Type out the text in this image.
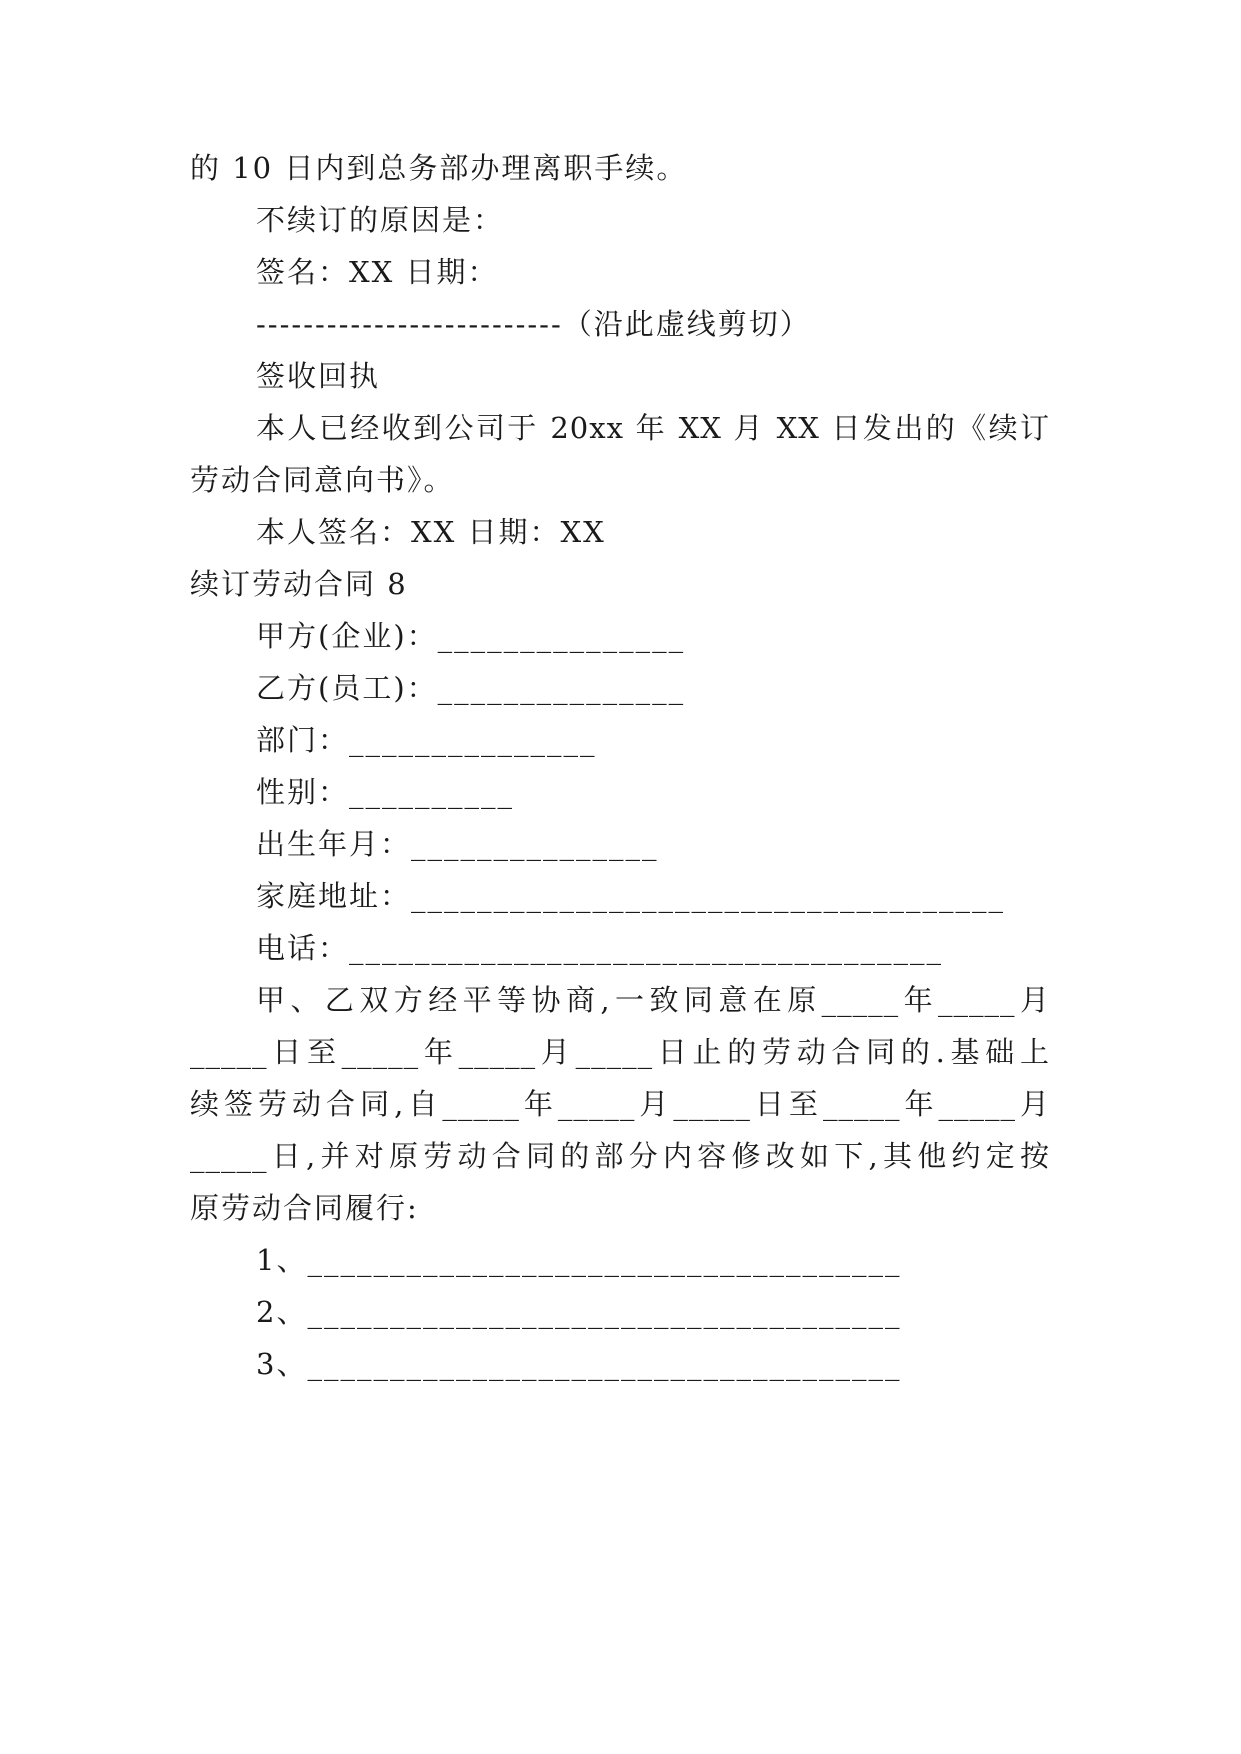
的 10 日内到总务部办理离职手续。
不续订的原因是：
签名：XX 日期：
--------------------------（沿此虚线剪切）
签收回执
本人已经收到公司于 20xx 年 XX 月 XX 日发出的《续订
劳动合同意向书》。
本人签名：XX 日期：XX
续订劳动合同 8
甲方(企业)：_______________
乙方(员工)：_______________
部门：_______________
性别：__________
出生年月：_______________
家庭地址：____________________________________
电话：____________________________________
甲、乙双方经平等协商,一致同意在原_____年_____月
_____日至_____年_____月_____日止的劳动合同的.基础上
续签劳动合同,自_____年_____月_____日至_____年_____月
_____日,并对原劳动合同的部分内容修改如下,其他约定按
原劳动合同履行:
1、____________________________________
2、____________________________________
3、____________________________________
